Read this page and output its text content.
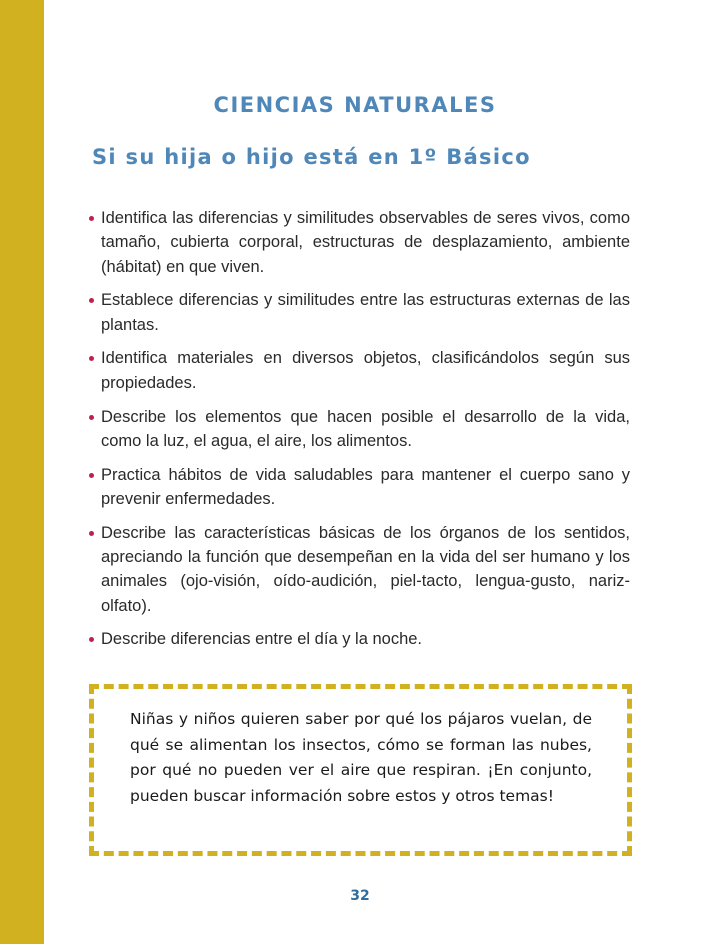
CIENCIAS NATURALES
Si su hija o hijo está en 1º Básico
Identifica las diferencias y similitudes observables de seres vivos, como tamaño, cubierta corporal, estructuras de desplazamiento, ambiente (hábitat) en que viven.
Establece diferencias y similitudes entre las estructuras externas de las plantas.
Identifica materiales en diversos objetos, clasificándolos según sus propiedades.
Describe los elementos que hacen posible el desarrollo de la vida, como la luz, el agua, el aire, los alimentos.
Practica hábitos de vida saludables para mantener el cuerpo sano y prevenir enfermedades.
Describe las características básicas de los órganos de los sentidos, apreciando la función que desempeñan en la vida del ser humano y los animales (ojo-visión, oído-audición, piel-tacto, lengua-gusto, nariz-olfato).
Describe diferencias entre el día y la noche.

Niñas y niños quieren saber por qué los pájaros vuelan, de qué se alimentan los insectos, cómo se forman las nubes, por qué no pueden ver el aire que respiran. ¡En conjunto, pueden buscar información sobre estos y otros temas!

32
